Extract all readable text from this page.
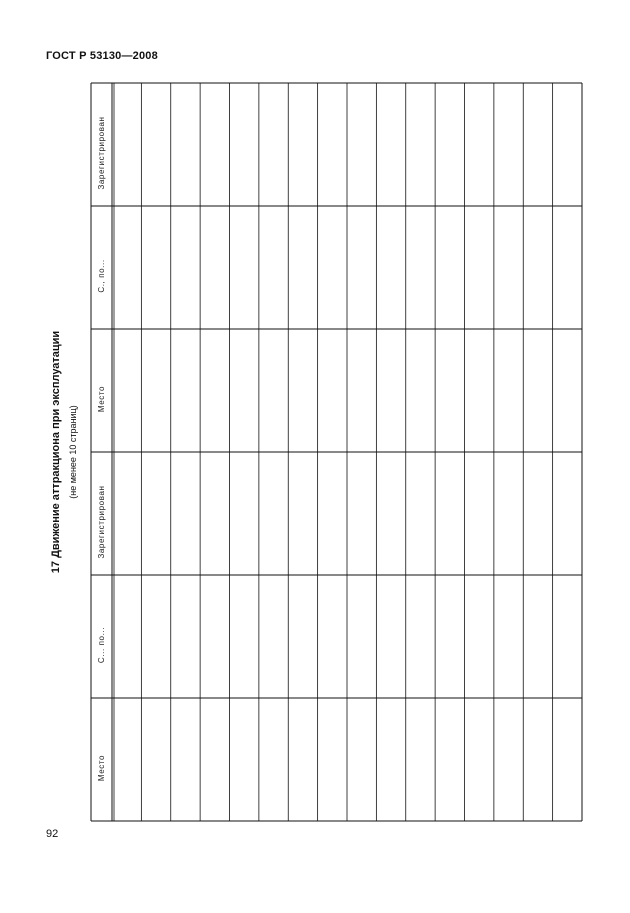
ГОСТ Р 53130—2008
17 Движение аттракциона при эксплуатации (не менее 10 страниц)
Зарегистрирован
С., по...
Место
Зарегистрирован
С... по...
Место
92
